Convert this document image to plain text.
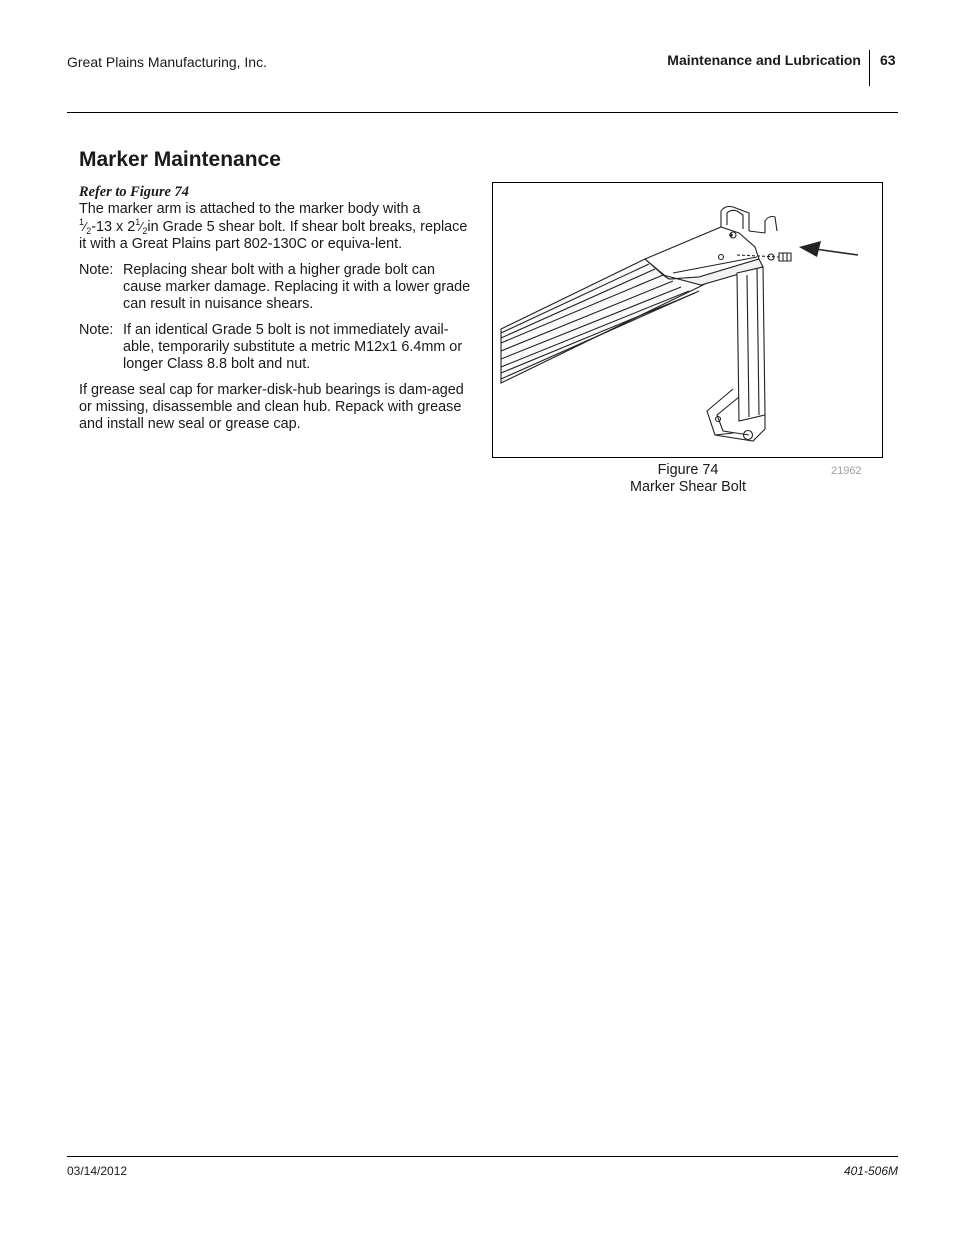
Great Plains Manufacturing, Inc.	Maintenance and Lubrication 63
Marker Maintenance
Refer to Figure 74

The marker arm is attached to the marker body with a
$^1⁄_2-13$ x $2^1⁄_2in$ Grade 5 shear bolt. If shear bolt breaks, replace it with a Great Plains part 802-130C or equiva-lent.

Note: Replacing shear bolt with a higher grade bolt can cause marker damage. Replacing it with a lower grade can result in nuisance shears.
Note: If an identical Grade 5 bolt is not immediately avail-able, temporarily substitute a metric M12x1 6.4mm or longer Class 8.8 bolt and nut.

If grease seal cap for marker-disk-hub bearings is dam-aged or missing, disassemble and clean hub. Repack with grease and install new seal or grease cap.

Figure 74
Marker Shear Bolt
21962
03/14/2012	401-506M
